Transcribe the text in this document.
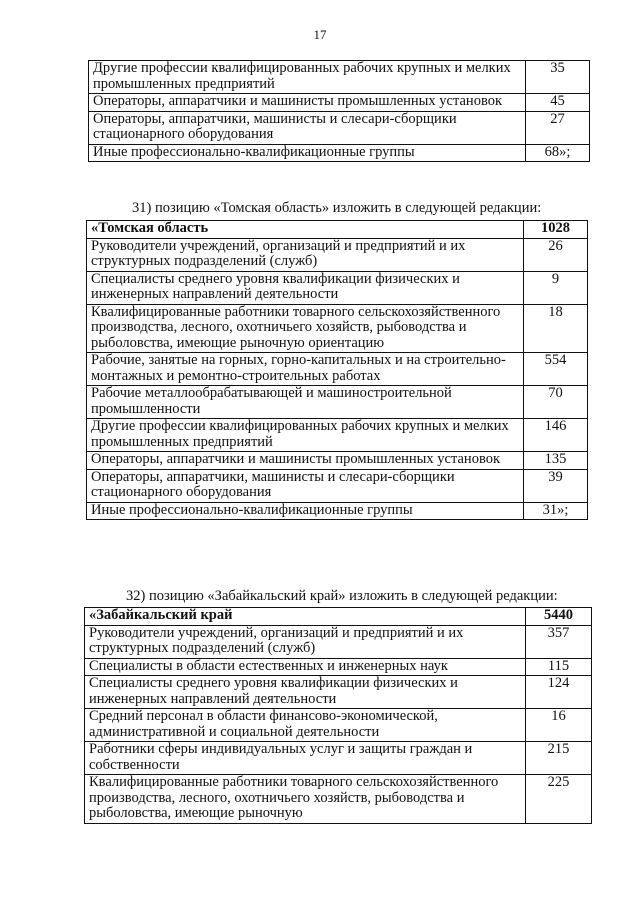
17
Другие профессии квалифицированных рабочих крупных и мелких промышленных предприятий	35
Операторы, аппаратчики и машинисты промышленных установок	45
Операторы, аппаратчики, машинисты и слесари-сборщики стационарного оборудования	27
Иные профессионально-квалификационные группы	68»;
31) позицию «Томская область» изложить в следующей редакции:
«Томская область	1028
Руководители учреждений, организаций и предприятий и их структурных подразделений (служб)	26
Специалисты среднего уровня квалификации физических и инженерных направлений деятельности	9
Квалифицированные работники товарного сельскохозяйственного производства, лесного, охотничьего хозяйств, рыбоводства и рыболовства, имеющие рыночную ориентацию	18
Рабочие, занятые на горных, горно-капитальных и на строительно-монтажных и ремонтно-строительных работах	554
Рабочие металлообрабатывающей и машиностроительной промышленности	70
Другие профессии квалифицированных рабочих крупных и мелких промышленных предприятий	146
Операторы, аппаратчики и машинисты промышленных установок	135
Операторы, аппаратчики, машинисты и слесари-сборщики стационарного оборудования	39
Иные профессионально-квалификационные группы	31»;
32) позицию «Забайкальский край» изложить в следующей редакции:
«Забайкальский край	5440
Руководители учреждений, организаций и предприятий и их структурных подразделений (служб)	357
Специалисты в области естественных и инженерных наук	115
Специалисты среднего уровня квалификации физических и инженерных направлений деятельности	124
Средний персонал в области финансово-экономической, административной и социальной деятельности	16
Работники сферы индивидуальных услуг и защиты граждан и собственности	215
Квалифицированные работники товарного сельскохозяйственного производства, лесного, охотничьего хозяйств, рыбоводства и рыболовства, имеющие рыночную	225
